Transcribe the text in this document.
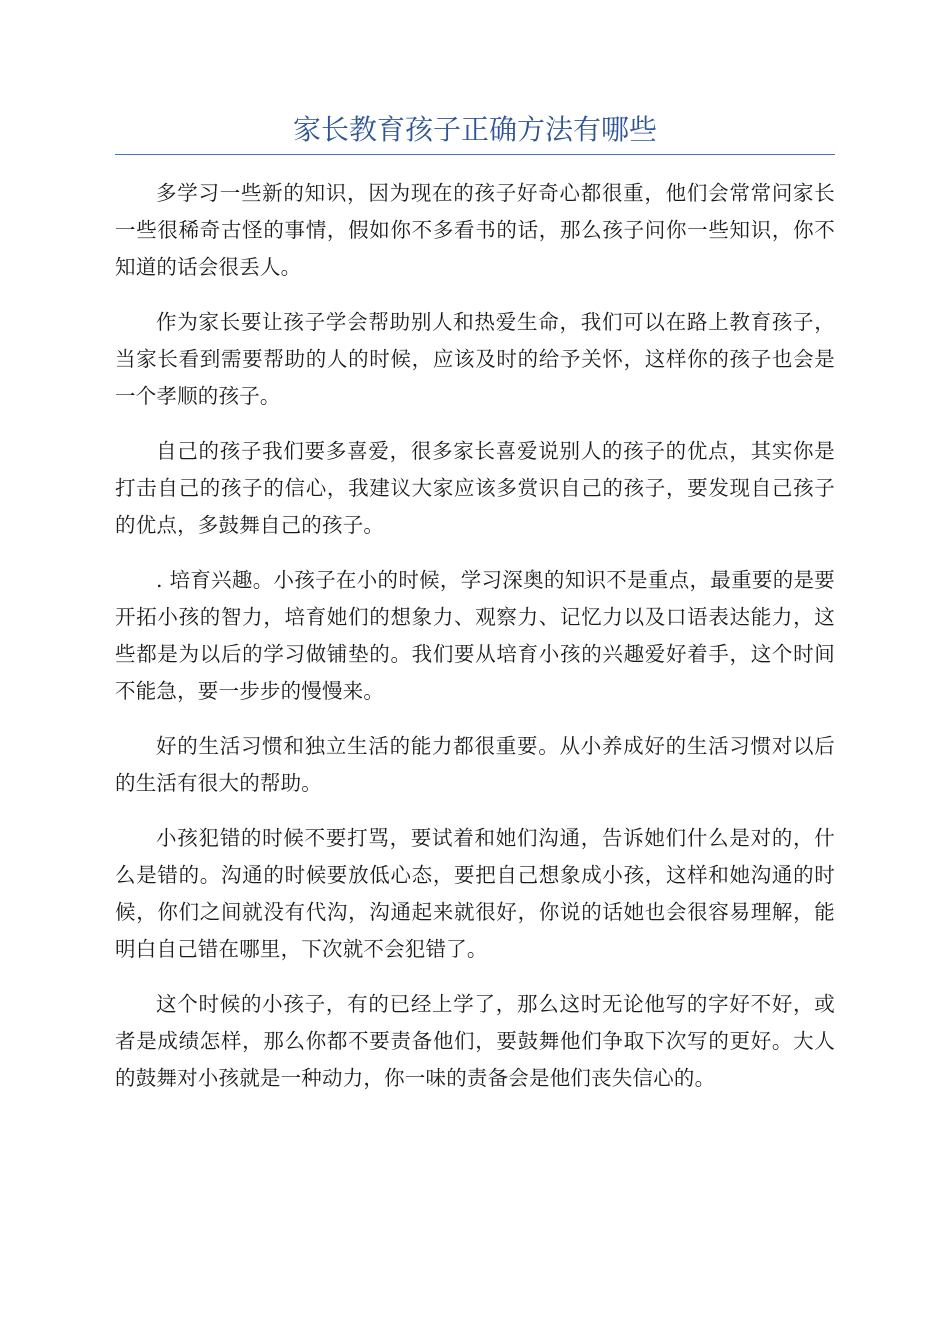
家长教育孩子正确方法有哪些

多学习一些新的知识，因为现在的孩子好奇心都很重，他们会常常问家长一些很稀奇古怪的事情，假如你不多看书的话，那么孩子问你一些知识，你不知道的话会很丢人。

作为家长要让孩子学会帮助别人和热爱生命，我们可以在路上教育孩子，当家长看到需要帮助的人的时候，应该及时的给予关怀，这样你的孩子也会是一个孝顺的孩子。

自己的孩子我们要多喜爱，很多家长喜爱说别人的孩子的优点，其实你是打击自己的孩子的信心，我建议大家应该多赏识自己的孩子，要发现自己孩子的优点，多鼓舞自己的孩子。

. 培育兴趣。小孩子在小的时候，学习深奥的知识不是重点，最重要的是要开拓小孩的智力，培育她们的想象力、观察力、记忆力以及口语表达能力，这些都是为以后的学习做铺垫的。我们要从培育小孩的兴趣爱好着手，这个时间不能急，要一步步的慢慢来。

好的生活习惯和独立生活的能力都很重要。从小养成好的生活习惯对以后的生活有很大的帮助。

小孩犯错的时候不要打骂，要试着和她们沟通，告诉她们什么是对的，什么是错的。沟通的时候要放低心态，要把自己想象成小孩，这样和她沟通的时候，你们之间就没有代沟，沟通起来就很好，你说的话她也会很容易理解，能明白自己错在哪里，下次就不会犯错了。

这个时候的小孩子，有的已经上学了，那么这时无论他写的字好不好，或者是成绩怎样，那么你都不要责备他们，要鼓舞他们争取下次写的更好。大人的鼓舞对小孩就是一种动力，你一味的责备会是他们丧失信心的。
